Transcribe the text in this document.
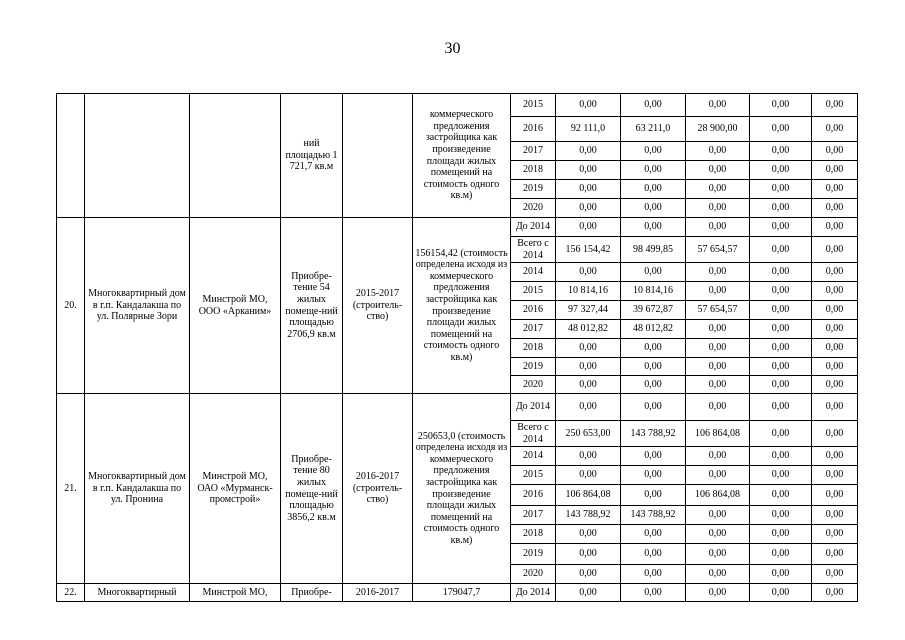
30
			ний площадью 1 721,7 кв.м		коммерческого предложения застройщика как произведение площади жилых помещений на стоимость одного кв.м)	2015	0,00	0,00	0,00	0,00	0,00
						2016	92 111,0	63 211,0	28 900,00	0,00	0,00
						2017	0,00	0,00	0,00	0,00	0,00
						2018	0,00	0,00	0,00	0,00	0,00
						2019	0,00	0,00	0,00	0,00	0,00
						2020	0,00	0,00	0,00	0,00	0,00
20.	Многоквартирный дом в г.п. Кандалакша по ул. Полярные Зори	Минстрой МО, ООО «Арканим»	Приобре-тение 54 жилых помеще-ний площадью 2706,9 кв.м	2015-2017 (строитель-ство)	156154,42 (стоимость определена исходя из коммерческого предложения застройщика как произведение площади жилых помещений на стоимость одного кв.м)	До 2014	0,00	0,00	0,00	0,00	0,00
						Всего с 2014	156 154,42	98 499,85	57 654,57	0,00	0,00
						2014	0,00	0,00	0,00	0,00	0,00
						2015	10 814,16	10 814,16	0,00	0,00	0,00
						2016	97 327,44	39 672,87	57 654,57	0,00	0,00
						2017	48 012,82	48 012,82	0,00	0,00	0,00
						2018	0,00	0,00	0,00	0,00	0,00
						2019	0,00	0,00	0,00	0,00	0,00
						2020	0,00	0,00	0,00	0,00	0,00
21.	Многоквартирный дом в г.п. Кандалакша по ул. Пронина	Минстрой МО, ОАО «Мурманск-промстрой»	Приобре-тение 80 жилых помеще-ний площадью 3856,2 кв.м	2016-2017 (строитель-ство)	250653,0 (стоимость определена исходя из коммерческого предложения застройщика как произведение площади жилых помещений на стоимость одного кв.м)	До 2014	0,00	0,00	0,00	0,00	0,00
						Всего с 2014	250 653,00	143 788,92	106 864,08	0,00	0,00
						2014	0,00	0,00	0,00	0,00	0,00
						2015	0,00	0,00	0,00	0,00	0,00
						2016	106 864,08	0,00	106 864,08	0,00	0,00
						2017	143 788,92	143 788,92	0,00	0,00	0,00
						2018	0,00	0,00	0,00	0,00	0,00
						2019	0,00	0,00	0,00	0,00	0,00
						2020	0,00	0,00	0,00	0,00	0,00
22.	Многоквартирный	Минстрой МО,	Приобре-	2016-2017	179047,7	До 2014	0,00	0,00	0,00	0,00	0,00
